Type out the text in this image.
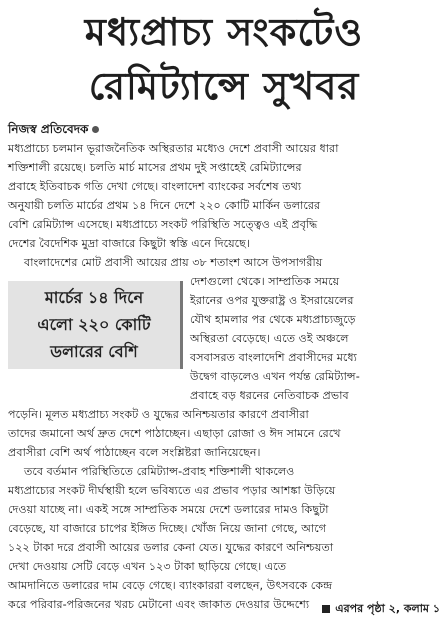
মধ্যপ্রাচ্য সংকটেও
রেমিট্যান্সে সুখবর
নিজস্ব প্রতিবেদক
মধ্যপ্রাচ্যে চলমান ভূরাজনৈতিক অস্থিরতার মধ্যেও দেশে প্রবাসী আয়ের ধারা
শক্তিশালী রয়েছে। চলতি মার্চ মাসের প্রথম দুই সপ্তাহেই রেমিট্যান্সের
প্রবাহে ইতিবাচক গতি দেখা গেছে। বাংলাদেশ ব্যাংকের সর্বশেষ তথ্য
অনুযায়ী চলতি মার্চের প্রথম ১৪ দিনে দেশে ২২০ কোটি মার্কিন ডলারের
বেশি রেমিট্যান্স এসেছে। মধ্যপ্রাচ্যে সংকট পরিস্থিতি সত্ত্বেও এই প্রবৃদ্ধি
দেশের বৈদেশিক মুদ্রা বাজারে কিছুটা স্বস্তি এনে দিয়েছে।
বাংলাদেশের মোট প্রবাসী আয়ের প্রায় ৩৮ শতাংশ আসে উপসাগরীয়
দেশগুলো থেকে। সাম্প্রতিক সময়ে
ইরানের ওপর যুক্তরাষ্ট্র ও ইসরায়েলের
যৌথ হামলার পর থেকে মধ্যপ্রাচ্যজুড়ে
অস্থিরতা বেড়েছে। এতে ওই অঞ্চলে
বসবাসরত বাংলাদেশি প্রবাসীদের মধ্যে
উদ্বেগ বাড়লেও এখন পর্যন্ত রেমিট্যান্স-
প্রবাহে বড় ধরনের নেতিবাচক প্রভাব
পড়েনি। মূলত মধ্যপ্রাচ্য সংকট ও যুদ্ধের অনিশ্চয়তার কারণে প্রবাসীরা
তাদের জমানো অর্থ দ্রুত দেশে পাঠাচ্ছেন। এছাড়া রোজা ও ঈদ সামনে রেখে
প্রবাসীরা বেশি অর্থ পাঠাচ্ছেন বলে সংশ্লিষ্টরা জানিয়েছেন।
তবে বর্তমান পরিস্থিতিতে রেমিট্যান্স-প্রবাহ শক্তিশালী থাকলেও
মধ্যপ্রাচ্যের সংকট দীর্ঘস্থায়ী হলে ভবিষ্যতে এর প্রভাব পড়ার আশঙ্কা উড়িয়ে
দেওয়া যাচ্ছে না। একই সঙ্গে সাম্প্রতিক সময়ে দেশে ডলারের দামও কিছুটা
বেড়েছে, যা বাজারে চাপের ইঙ্গিত দিচ্ছে। খোঁজ নিয়ে জানা গেছে, আগে
১২২ টাকা দরে প্রবাসী আয়ের ডলার কেনা যেত। যুদ্ধের কারণে অনিশ্চয়তা
দেখা দেওয়ায় সেটি বেড়ে এখন ১২৩ টাকা ছাড়িয়ে গেছে। এতে
আমদানিতে ডলারের দাম বেড়ে গেছে। ব্যাংকাররা বলছেন, উৎসবকে কেন্দ্র
করে পরিবার-পরিজনের খরচ মেটানো এবং জাকাত দেওয়ার উদ্দেশ্যে
মার্চের ১৪ দিনে
এলো ২২০ কোটি
ডলারের বেশি
এরপর পৃষ্ঠা ২, কলাম ১
